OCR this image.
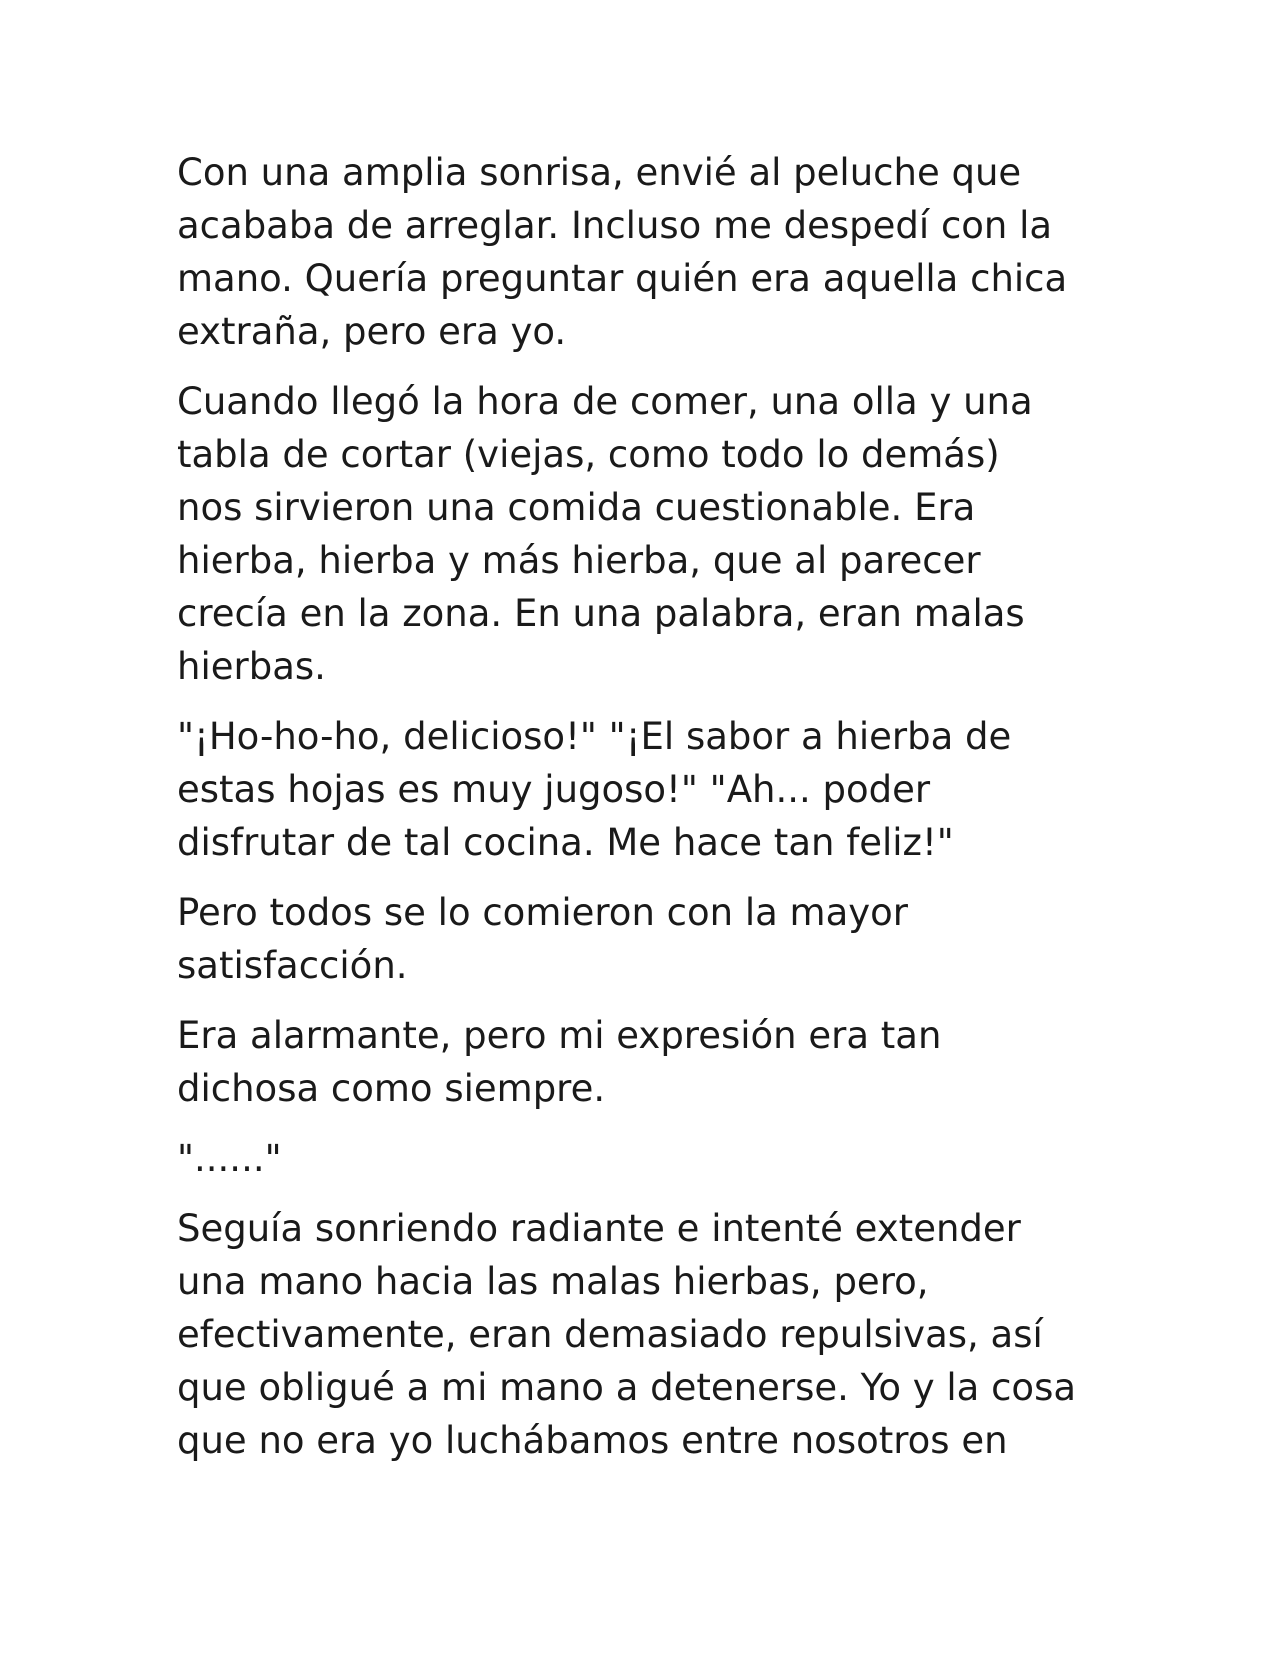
Con una amplia sonrisa, envié al peluche que
acababa de arreglar. Incluso me despedí con la
mano. Quería preguntar quién era aquella chica
extraña, pero era yo.

Cuando llegó la hora de comer, una olla y una
tabla de cortar (viejas, como todo lo demás)
nos sirvieron una comida cuestionable. Era
hierba, hierba y más hierba, que al parecer
crecía en la zona. En una palabra, eran malas
hierbas.

"¡Ho-ho-ho, delicioso!" "¡El sabor a hierba de
estas hojas es muy jugoso!" "Ah... poder
disfrutar de tal cocina. Me hace tan feliz!"

Pero todos se lo comieron con la mayor
satisfacción.

Era alarmante, pero mi expresión era tan
dichosa como siempre.

"......"

Seguía sonriendo radiante e intenté extender
una mano hacia las malas hierbas, pero,
efectivamente, eran demasiado repulsivas, así
que obligué a mi mano a detenerse. Yo y la cosa
que no era yo luchábamos entre nosotros en
